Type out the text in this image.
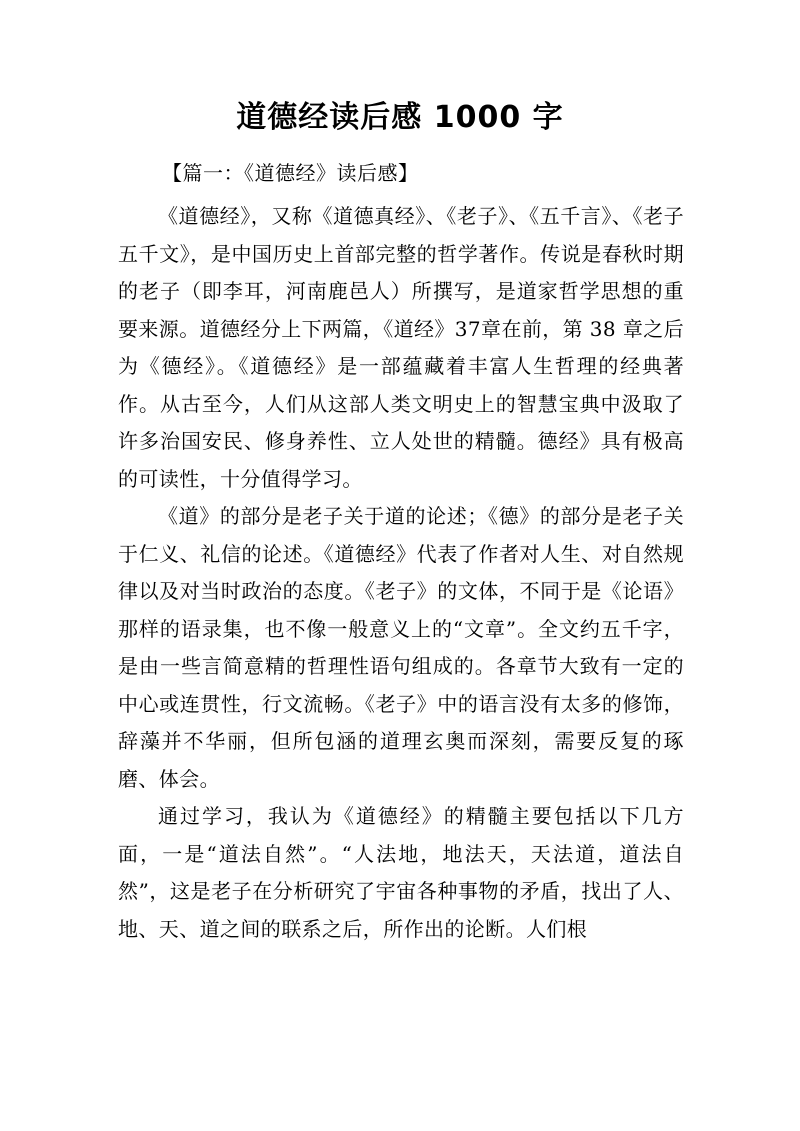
道德经读后感 1000 字
【篇一：《道德经》读后感】

《道德经》，又称《道德真经》、《老子》、《五千言》、《老子五千文》，是中国历史上首部完整的哲学著作。传说是春秋时期的老子（即李耳，河南鹿邑人）所撰写，是道家哲学思想的重要来源。道德经分上下两篇，《道经》37章在前，第 38 章之后为《德经》。《道德经》是一部蕴藏着丰富人生哲理的经典著作。从古至今，人们从这部人类文明史上的智慧宝典中汲取了许多治国安民、修身养性、立人处世的精髓。德经》具有极高的可读性，十分值得学习。

《道》的部分是老子关于道的论述；《德》的部分是老子关于仁义、礼信的论述。《道德经》代表了作者对人生、对自然规律以及对当时政治的态度。《老子》的文体，不同于是《论语》那样的语录集，也不像一般意义上的“文章”。全文约五千字，是由一些言简意精的哲理性语句组成的。各章节大致有一定的中心或连贯性，行文流畅。《老子》中的语言没有太多的修饰，辞藻并不华丽，但所包涵的道理玄奥而深刻，需要反复的琢磨、体会。

通过学习，我认为《道德经》的精髓主要包括以下几方面，一是“道法自然”。“人法地，地法天，天法道，道法自然”，这是老子在分析研究了宇宙各种事物的矛盾，找出了人、地、天、道之间的联系之后，所作出的论断。人们根
